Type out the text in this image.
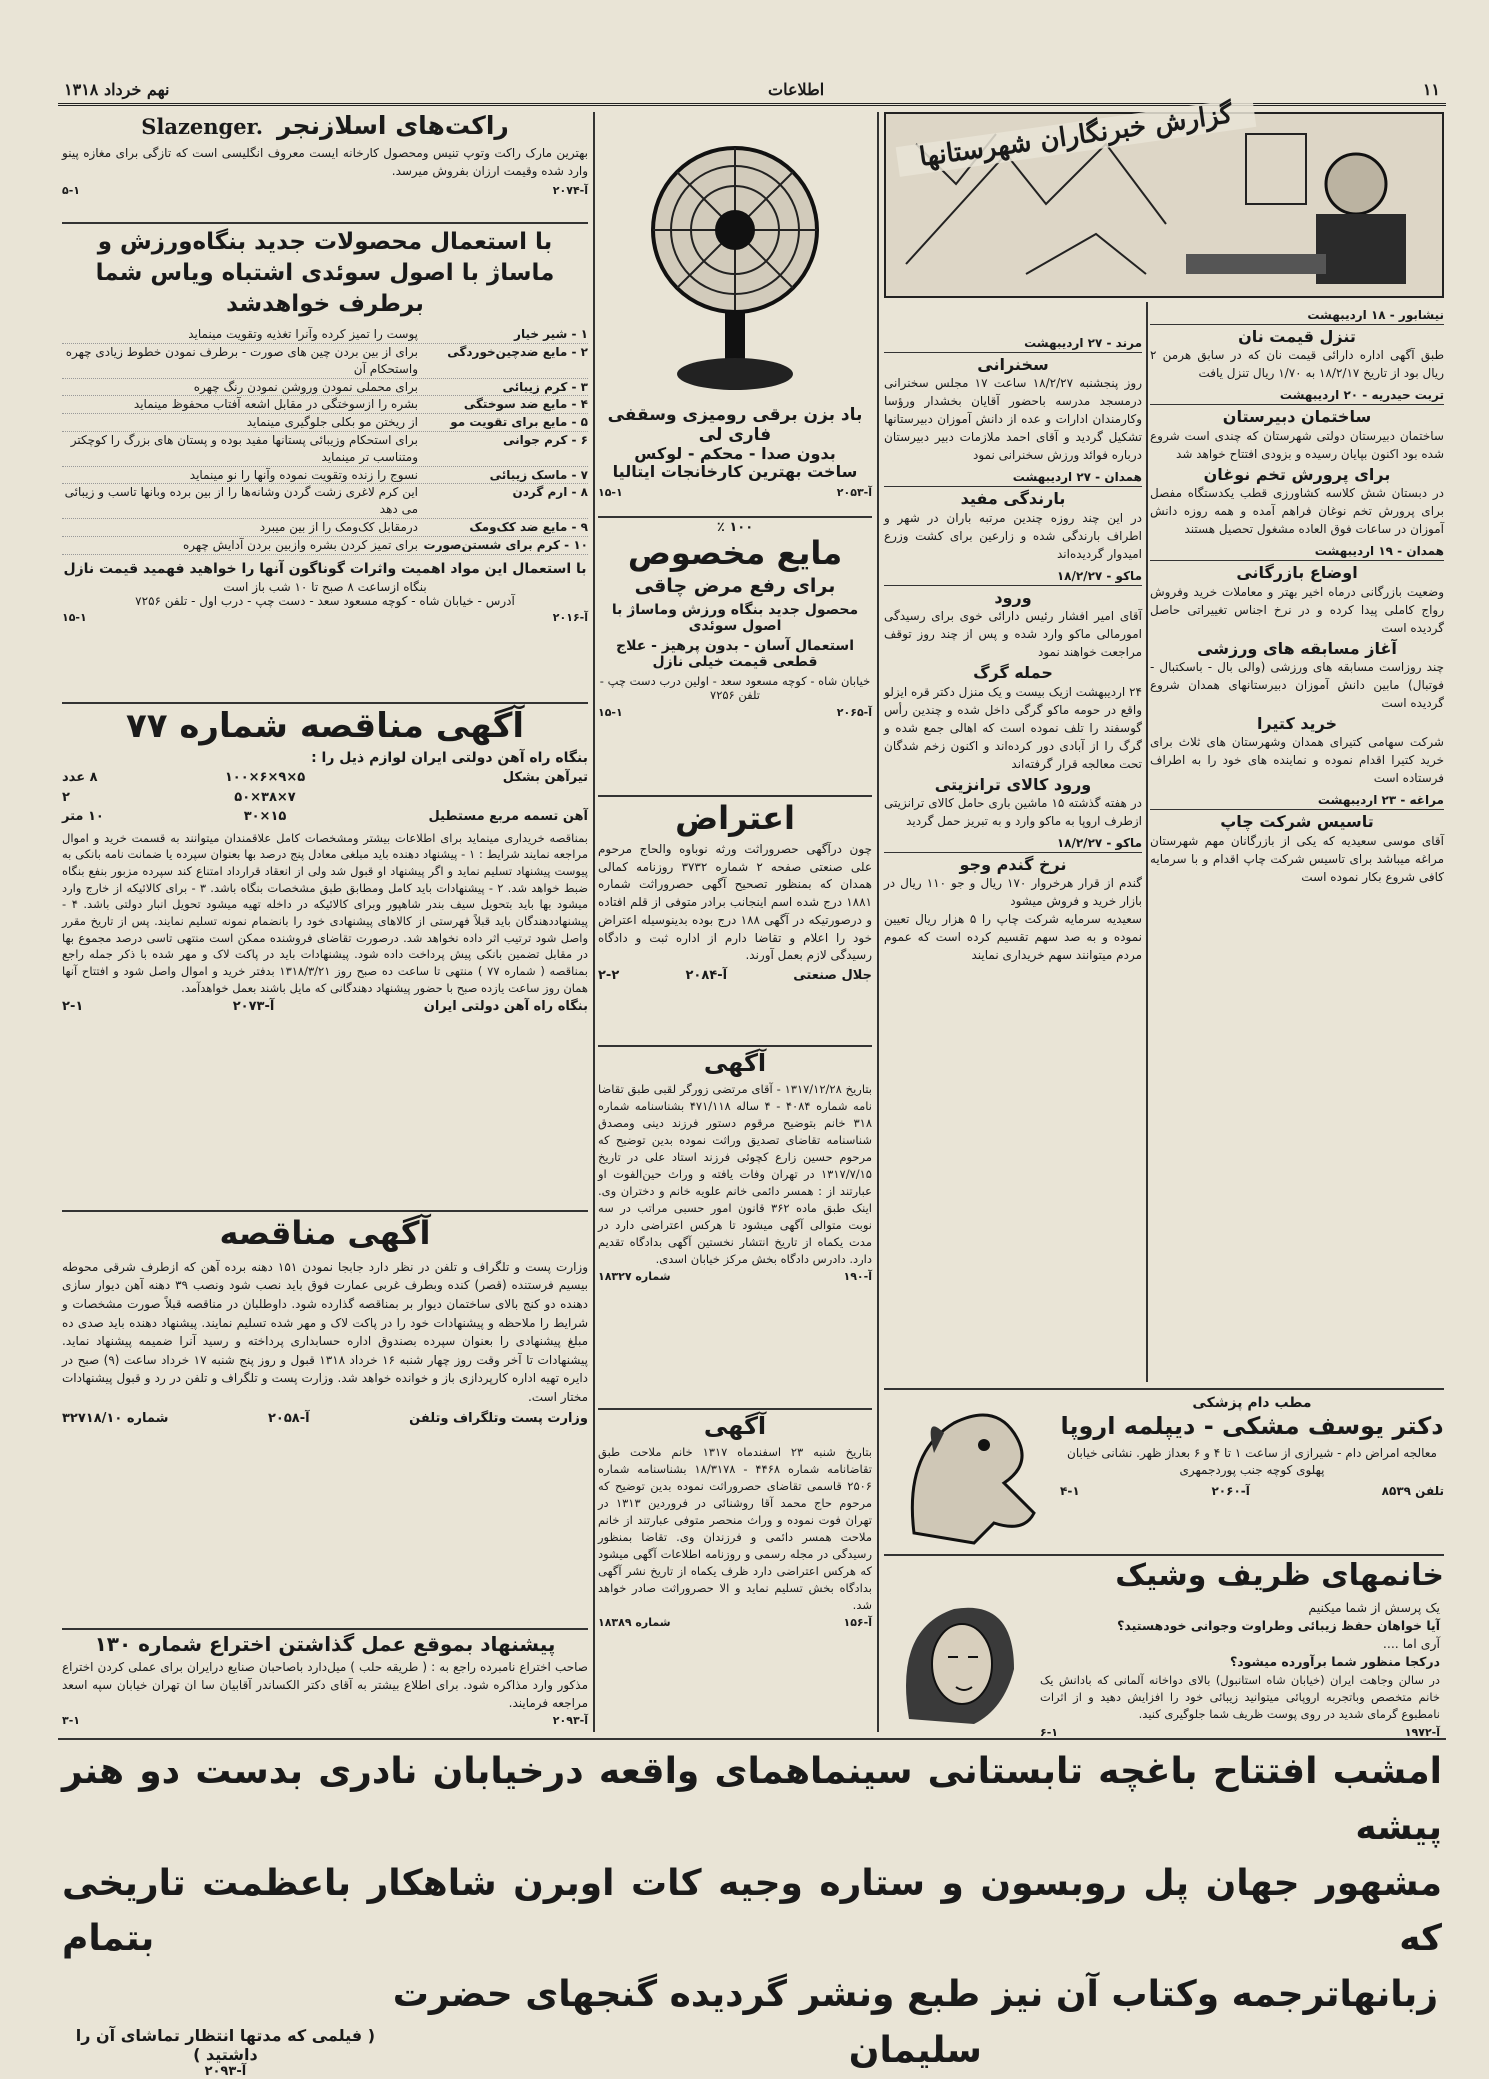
۱۱
اطلاعات
نهم خرداد ۱۳۱۸
راکت‌های اسلازنجر
Slazenger.
بهترین مارک راکت وتوپ تنیس ومحصول کارخانه ایست معروف انگلیسی است که تازگی برای مغازه پینو وارد شده وقیمت ارزان بفروش میرسد.
آ-۲۰۷۴
۵-۱
با استعمال محصولات جدید بنگاه‌ورزش و ماساژ با اصول سوئدی اشتباه ویاس شما برطرف خواهدشد
۱ - شیر خیار
پوست را تمیز کرده وآنرا تغذیه وتقویت مینماید
۲ - مایع ضدچین‌خوردگی
برای از بین بردن چین های صورت - برطرف نمودن خطوط زیادی چهره واستحکام آن
۳ - کرم زیبائی
برای محملی نمودن وروشن نمودن رنگ چهره
۴ - مایع ضد سوختگی
بشره را ازسوختگی در مقابل اشعه آفتاب محفوظ مینماید
۵ - مایع برای تقویت مو
از ریختن مو بکلی جلوگیری مینماید
۶ - کرم جوانی
برای استحکام وزیبائی پستانها مفید بوده و پستان های بزرگ را کوچکتر ومتناسب تر مینماید
۷ - ماسک زیبائی
نسوج را زنده وتقویت نموده وآنها را نو مینماید
۸ - ارم گردن
این کرم لاغری زشت گردن وشانه‌ها را از بین برده وبانها تاسب و زیبائی می دهد
۹ - مایع ضد کک‌ومک
درمقابل کک‌ومک را از بین میبرد
۱۰ - کرم برای شستن‌صورت
برای تمیز کردن بشره وازبین بردن آدایش چهره
با استعمال این مواد اهمیت واثرات گوناگون آنها را خواهید فهمید قیمت نازل
بنگاه ازساعت ۸ صبح تا ۱۰ شب باز است
آدرس - خیابان شاه - کوچه مسعود سعد - دست چپ - درب اول - تلفن ۷۲۵۶
آ-۲۰۱۶
۱۵-۱
آگهی مناقصه شماره ۷۷
بنگاه راه آهن دولتی ایران لوازم ذیل را :
تیرآهن بشکل
۱۰۰×۶×۹×۵
۸ عدد
۵۰×۳۸×۷
۲
آهن تسمه مربع مستطیل
۳۰×۱۵
۱۰ متر
بمناقصه خریداری مینماید برای اطلاعات بیشتر ومشخصات کامل علاقمندان میتوانند به قسمت خرید و اموال مراجعه نمایند شرایط : ۱ - پیشنهاد دهنده باید مبلغی معادل پنج درصد بها بعنوان سپرده یا ضمانت نامه بانکی به پیوست پیشنهاد تسلیم نماید و اگر پیشنهاد او قبول شد ولی از انعقاد قرارداد امتناع کند سپرده مزبور بنفع بنگاه ضبط خواهد شد. ۲ - پیشنهادات باید کامل ومطابق طبق مشخصات بنگاه باشد. ۳ - برای کالائیکه از خارج وارد میشود بها باید بتحویل سیف بندر شاهپور وبرای کالائیکه در داخله تهیه میشود تحویل انبار دولتی باشد. ۴ - پیشنهاددهندگان باید قبلاً فهرستی از کالاهای پیشنهادی خود را بانضمام نمونه تسلیم نمایند. پس از تاریخ مقرر واصل شود ترتیب اثر داده نخواهد شد. درصورت تقاضای فروشنده ممکن است منتهی تاسی درصد مجموع بها در مقابل تضمین بانکی پیش پرداخت داده شود. پیشنهادات باید در پاکت لاک و مهر شده با ذکر جمله راجع بمناقصه ( شماره ۷۷ ) منتهی تا ساعت ده صبح روز ۱۳۱۸/۳/۲۱ بدفتر خرید و اموال واصل شود و افتتاح آنها همان روز ساعت یازده صبح با حضور پیشنهاد دهندگانی که مایل باشند بعمل خواهدآمد.
بنگاه راه آهن دولتی ایران
آ-۲۰۷۳
۲-۱
آگهی مناقصه
وزارت پست و تلگراف و تلفن در نظر دارد جابجا نمودن ۱۵۱ دهنه برده آهن که ازطرف شرقی محوطه بیسیم فرستنده (قصر) کنده وبطرف غربی عمارت فوق باید نصب شود ونصب ۳۹ دهنه آهن دیوار سازی دهنده دو کنج بالای ساختمان دیوار بر بمناقصه گذارده شود. داوطلبان در مناقصه قبلاً صورت مشخصات و شرایط را ملاحظه و پیشنهادات خود را در پاکت لاک و مهر شده تسلیم نمایند. پیشنهاد دهنده باید صدی ده مبلغ پیشنهادی را بعنوان سپرده بصندوق اداره حسابداری پرداخته و رسید آنرا ضمیمه پیشنهاد نماید. پیشنهادات تا آخر وقت روز چهار شنبه ۱۶ خرداد ۱۳۱۸ قبول و روز پنج شنبه ۱۷ خرداد ساعت (۹) صبح در دایره تهیه اداره کارپردازی باز و خوانده خواهد شد. وزارت پست و تلگراف و تلفن در رد و قبول پیشنهادات مختار است.
وزارت پست وتلگراف وتلفن
آ-۲۰۵۸
شماره ۳۲۷۱۸/۱۰
پیشنهاد بموقع عمل گذاشتن اختراع شماره ۱۳۰
صاحب اختراع نامبرده راجع به : ( طریقه حلب ) میل‌دارد باصاحبان صنایع درایران برای عملی کردن اختراع مذکور وارد مذاکره شود. برای اطلاع بیشتر به آقای دکتر الکساندر آقابیان سا ان تهران خیابان سپه اسعد مراجعه فرمایند.
آ-۲۰۹۳
۳-۱
باد بزن برقی رومیزی وسقفی فاری لی
بدون صدا - محکم - لوکس
ساخت بهترین کارخانجات ایتالیا
آ-۲۰۵۳
۱۵-۱
۱۰۰ ٪
مایع مخصوص
برای رفع مرض چاقی
محصول جدید بنگاه ورزش وماساژ با اصول سوئدی
استعمال آسان - بدون پرهیز - علاج قطعی قیمت خیلی نازل
خیابان شاه - کوچه مسعود سعد - اولین درب دست چپ - تلفن ۷۲۵۶
آ-۲۰۶۵
۱۵-۱
اعتراض
چون درآگهی حصروراثت ورثه نوباوه والحاج مرحوم علی صنعتی صفحه ۲ شماره ۳۷۳۲ روزنامه کمالی همدان که بمنظور تصحیح آگهی حصروراثت شماره ۱۸۸۱ درج شده اسم اینجانب برادر متوفی از قلم افتاده و درصورتیکه در آگهی ۱۸۸ درج بوده بدینوسیله اعتراض خود را اعلام و تقاضا دارم از اداره ثبت و دادگاه رسیدگی لازم بعمل آورند.
جلال صنعتی
آ-۲۰۸۴
۲-۲
آگهی
بتاریخ ۱۳۱۷/۱۲/۲۸ - آقای مرتضی زورگر لقبی طبق تقاضا نامه شماره ۴۰۸۴ - ۴ ساله ۴۷۱/۱۱۸ بشناسنامه شماره ۳۱۸ خانم بتوضیح مرقوم دستور فرزند دینی ومصدق شناسنامه تقاضای تصدیق وراثت نموده بدین توضیح که مرحوم حسین زارع کچوئی فرزند استاد علی در تاریخ ۱۳۱۷/۷/۱۵ در تهران وفات یافته و وراث حین‌الفوت او عبارتند از : همسر دائمی خانم علویه خانم و دختران وی. اینک طبق ماده ۳۶۲ قانون امور حسبی مراتب در سه نوبت متوالی آگهی میشود تا هرکس اعتراضی دارد در مدت یکماه از تاریخ انتشار نخستین آگهی بدادگاه تقدیم دارد. دادرس دادگاه بخش مرکز خیابان اسدی.
آ-۱۹۰
شماره ۱۸۳۲۷
آگهی
بتاریخ شنبه ۲۳ اسفندماه ۱۳۱۷ خانم ملاحت طبق تقاضانامه شماره ۴۴۶۸ - ۱۸/۳۱۷۸ بشناسنامه شماره ۲۵۰۶ قاسمی تقاضای حصروراثت نموده بدین توضیح که مرحوم حاج محمد آقا روشنائی در فروردین ۱۳۱۳ در تهران فوت نموده و وراث منحصر متوفی عبارتند از خانم ملاحت همسر دائمی و فرزندان وی. تقاضا بمنظور رسیدگی در مجله رسمی و روزنامه اطلاعات آگهی میشود که هرکس اعتراضی دارد ظرف یکماه از تاریخ نشر آگهی بدادگاه بخش تسلیم نماید و الا حصروراثت صادر خواهد شد.
آ-۱۵۶
شماره ۱۸۳۸۹
گزارش خبرنگاران شهرستانها
نیشابور - ۱۸ اردیبهشت
تنزل قیمت نان
طبق آگهی اداره دارائی قیمت نان که در سابق هرمن ۲ ریال بود از تاریخ ۱۸/۲/۱۷ به ۱/۷۰ ریال تنزل یافت
تربت حیدریه - ۲۰ اردیبهشت
ساختمان دبیرستان
ساختمان دبیرستان دولتی شهرستان که چندی است شروع شده بود اکنون بپایان رسیده و بزودی افتتاح خواهد شد
برای پرورش تخم نوغان
در دبستان شش کلاسه کشاورزی قطب یکدستگاه مفصل برای پرورش تخم نوغان فراهم آمده و همه روزه دانش آموزان در ساعات فوق العاده مشغول تحصیل هستند
همدان - ۱۹ اردیبهشت
اوضاع بازرگانی
وضعیت بازرگانی درماه اخیر بهتر و معاملات خرید وفروش رواج کاملی پیدا کرده و در نرخ اجناس تغییراتی حاصل گردیده است
آغاز مسابقه های ورزشی
چند روزاست مسابقه های ورزشی (والی بال - باسکتبال - فوتبال) مابین دانش آموزان دبیرستانهای همدان شروع گردیده است
خرید کتیرا
شرکت سهامی کتیرای همدان وشهرستان های ثلاث برای خرید کتیرا اقدام نموده و نماینده های خود را به اطراف فرستاده است
مراغه - ۲۳ اردیبهشت
تاسیس شرکت چاپ
آقای موسی سعیدیه که یکی از بازرگانان مهم شهرستان مراغه میباشد برای تاسیس شرکت چاپ اقدام و با سرمایه کافی شروع بکار نموده است
مرند - ۲۷ اردیبهشت
سخنرانی
روز پنجشنبه ۱۸/۲/۲۷ ساعت ۱۷ مجلس سخنرانی درمسجد مدرسه باحضور آقایان بخشدار ورؤسا وکارمندان ادارات و عده از دانش آموزان دبیرستانها تشکیل گردید و آقای احمد ملازمات دبیر دبیرستان درباره فوائد ورزش سخنرانی نمود
همدان - ۲۷ اردیبهشت
بارندگی مفید
در این چند روزه چندین مرتبه باران در شهر و اطراف بارندگی شده و زارعین برای کشت وزرع امیدوار گردیده‌اند
ماکو - ۱۸/۲/۲۷
ورود
آقای امیر افشار رئیس دارائی خوی برای رسیدگی امورمالی ماکو وارد شده و پس از چند روز توقف مراجعت خواهند نمود
حمله گرگ
۲۴ اردیبهشت ازیک بیست و یک منزل دکتر قره ایزلو واقع در حومه ماکو گرگی داخل شده و چندین رأس گوسفند را تلف نموده است که اهالی جمع شده و گرگ را از آبادی دور کرده‌اند و اکنون زخم شدگان تحت معالجه قرار گرفته‌اند
ورود کالای ترانزیتی
در هفته گذشته ۱۵ ماشین باری حامل کالای ترانزیتی ازطرف اروپا به ماکو وارد و به تبریز حمل گردید
ماکو - ۱۸/۲/۲۷
نرخ گندم وجو
گندم از قرار هرخروار ۱۷۰ ریال و جو ۱۱۰ ریال در بازار خرید و فروش میشود
سعیدیه سرمایه شرکت چاپ را ۵ هزار ریال تعیین نموده و به صد سهم تقسیم کرده است که عموم مردم میتوانند سهم خریداری نمایند
مطب دام پزشکی
دکتر یوسف مشکی - دیپلمه اروپا
معالجه امراض دام - شیرازی از ساعت ۱ تا ۴ و ۶ بعداز ظهر. نشانی خیابان پهلوی کوچه جنب پوردجمهری
تلفن ۸۵۳۹
آ-۲۰۶۰
۴-۱
خانمهای ظریف وشیک
یک پرسش از شما میکنیم
آیا خواهان حفظ زیبائی وطراوت وجوانی خودهستید؟
آری اما ....
درکجا منظور شما برآورده میشود؟
در سالن وجاهت ایران (خیابان شاه استانبول) بالای دواخانه آلمانی که بادانش یک خانم متخصص وباتجربه اروپائی میتوانید زیبائی خود را افزایش دهید و از اثرات نامطبوع گرمای شدید در روی پوست ظریف شما جلوگیری کنید.
آ-۱۹۷۲
۶-۱
امشب افتتاح باغچه تابستانی سینماهمای واقعه درخیابان نادری بدست دو هنر پیشه
مشهور جهان پل روبسون و ستاره وجیه کات اوبرن شاهکار باعظمت تاریخی که بتمام
زبانهاترجمه وکتاب آن نیز طبع ونشر گردیده گنجهای حضرت سلیمان
( فیلمی که مدتها انتظار تماشای آن را داشتید )
آ-۲۰۹۳
